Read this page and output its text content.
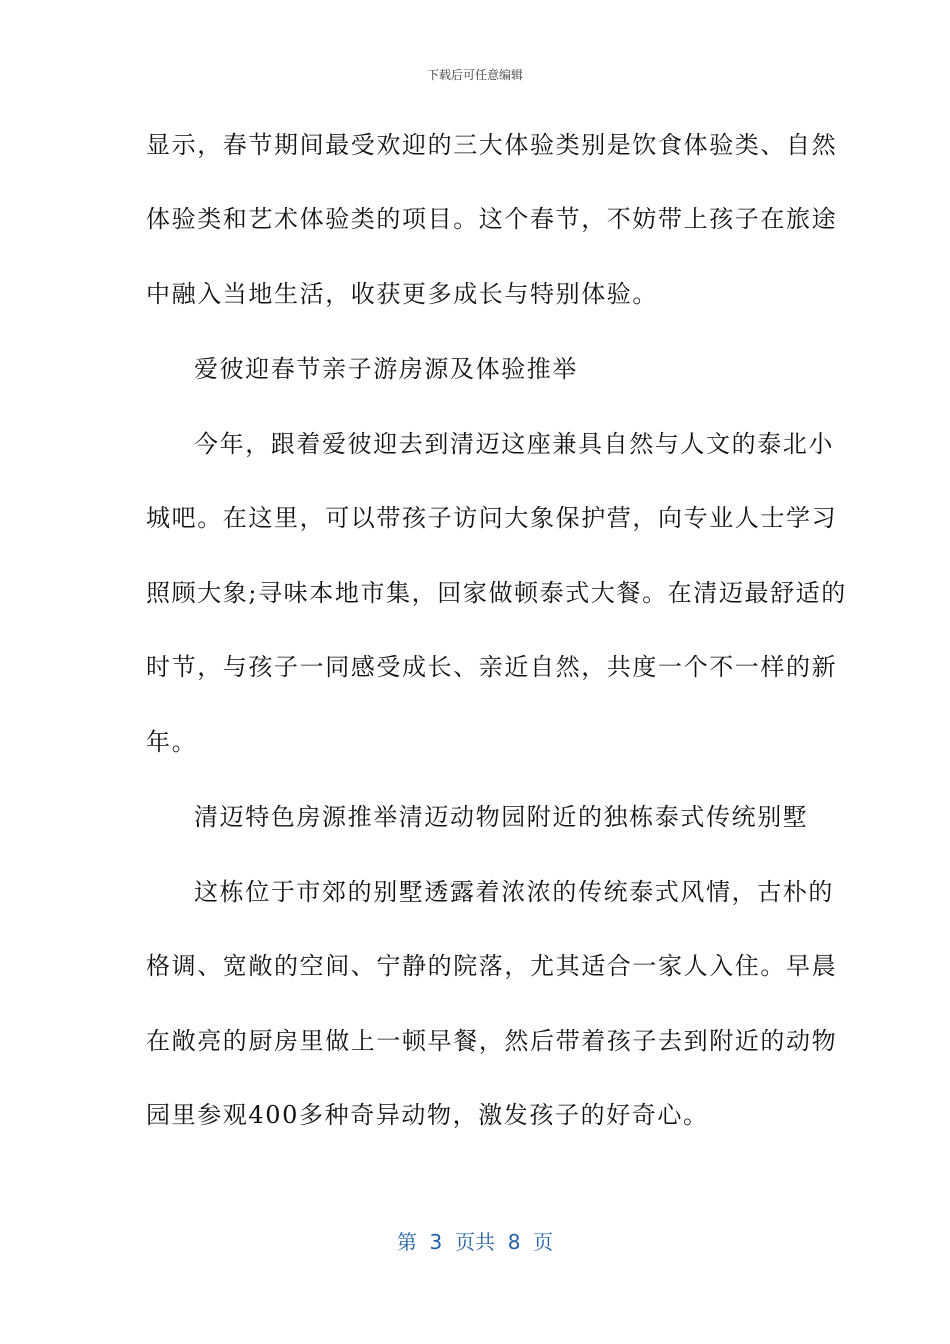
下载后可任意编辑
显示，春节期间最受欢迎的三大体验类别是饮食体验类、自然
体验类和艺术体验类的项目。这个春节，不妨带上孩子在旅途
中融入当地生活，收获更多成长与特别体验。
爱彼迎春节亲子游房源及体验推举
今年，跟着爱彼迎去到清迈这座兼具自然与人文的泰北小
城吧。在这里，可以带孩子访问大象保护营，向专业人士学习
照顾大象;寻味本地市集，回家做顿泰式大餐。在清迈最舒适的
时节，与孩子一同感受成长、亲近自然，共度一个不一样的新
年。
清迈特色房源推举清迈动物园附近的独栋泰式传统别墅
这栋位于市郊的别墅透露着浓浓的传统泰式风情，古朴的
格调、宽敞的空间、宁静的院落，尤其适合一家人入住。早晨
在敞亮的厨房里做上一顿早餐，然后带着孩子去到附近的动物
园里参观400多种奇异动物，激发孩子的好奇心。
第  3  页共  8  页
